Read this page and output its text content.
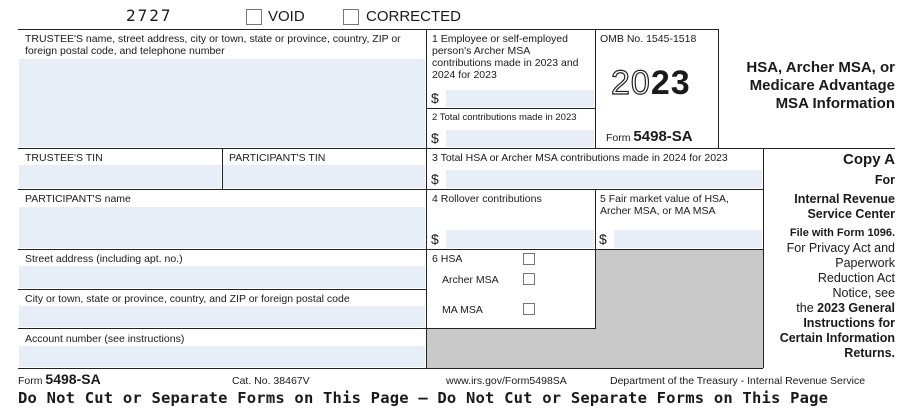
2727	VOID	CORRECTED
TRUSTEE'S name, street address, city or town, state or province, country, ZIP or foreign postal code, and telephone number
1 Employee or self-employed person's Archer MSA contributions made in 2023 and 2024 for 2023
$
2 Total contributions made in 2023
$
OMB No. 1545-1518
2023
Form 5498-SA
HSA, Archer MSA, or
Medicare Advantage
MSA Information
TRUSTEE'S TIN	PARTICIPANT'S TIN	3 Total HSA or Archer MSA contributions made in 2024 for 2023
$
PARTICIPANT'S name	4 Rollover contributions
$
5 Fair market value of HSA, Archer MSA, or MA MSA
$
Street address (including apt. no.)	6 HSA
Archer MSA
MA MSA
City or town, state or province, country, and ZIP or foreign postal code
Account number (see instructions)
Copy A
For
Internal Revenue
Service Center
File with Form 1096.
For Privacy Act and
Paperwork
Reduction Act
Notice, see
the 2023 General
Instructions for
Certain Information
Returns.
Form 5498-SA	Cat. No. 38467V	www.irs.gov/Form5498SA	Department of the Treasury - Internal Revenue Service
Do Not Cut or Separate Forms on This Page — Do Not Cut or Separate Forms on This Page
